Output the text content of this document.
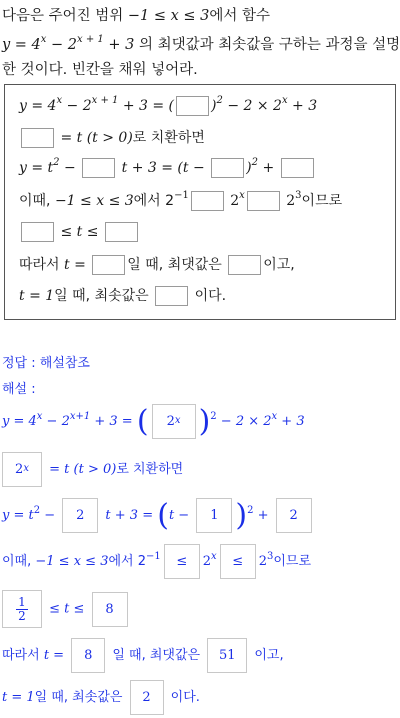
다음은 주어진 범위 −1 ≤ x ≤ 3에서 함수
$y = 4^x - 2^{x + 1} + 3$ 의 최댓값과 최솟값을 구하는 과정을 설명
한 것이다. 빈칸을 채워 넣어라.
$y = 4^x - 2^{x + 1} + 3$ = (	)$^2 - 2 \times 2^x + 3$
= t (t > 0)로 치환하면
$y = t^2$ −	t + 3 = (t −	)$^2$ +
이때, −1 ≤ x ≤ 3에서 $2^{-1}$	2$^x$	$2^3$이므로
≤ t ≤
따라서 t =	일 때, 최댓값은	이고,
t = 1일 때, 최솟값은	이다.
정답 : 해설참조
해설 :
$y = 4^x - 2^{x+1} + 3$ = ( 2$^x$ )$^2 - 2 \times 2^x + 3$
$2^x = t$ (t > 0)로 치환하면
$y = t^2 - 2$ t + 3 = (t − 1 )$^2$ + 2
이때, −1 ≤ x ≤ 3에서 $2^{-1} \le 2^x \le 2^3$이므로
$\frac{1}{2} \le t \le 8$
따라서 t = 8 일 때, 최댓값은 51 이고,
t = 1일 때, 최솟값은 2 이다.
